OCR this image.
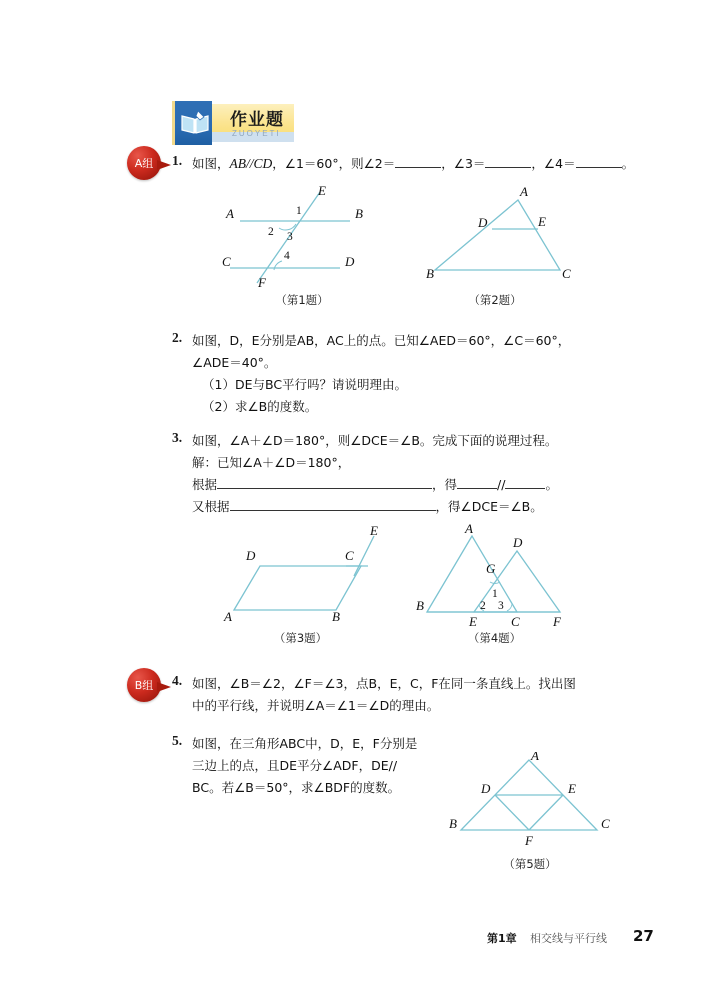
作业题
ZUOYETI
A组 1. 如图，AB//CD，∠1＝60°，则∠2＝	，∠3＝	，∠4＝	。
A	B
C	D
E
F
1
2 3
4
（第1题）
A
B	C
D	E
（第2题）
2. 如图，D，E分别是AB，AC上的点。已知∠AED＝60°，∠C＝60°，
∠ADE＝40°。
（1）DE与BC平行吗？请说明理由。
（2）求∠B的度数。
3. 如图，∠A＋∠D＝180°，则∠DCE＝∠B。完成下面的说理过程。
解：已知∠A＋∠D＝180°，
根据	，得	//	。
又根据	，得∠DCE＝∠B。
A	B
C
D
E
（第3题）
A
B
C
D
E	F
G
1
2 3
（第4题）
B组 4. 如图，∠B＝∠2，∠F＝∠3，点B，E，C，F在同一条直线上。找出图
中的平行线，并说明∠A＝∠1＝∠D的理由。
5. 如图，在三角形ABC中，D，E，F分别是
三边上的点，且DE平分∠ADF，DE//
BC。若∠B＝50°，求∠BDF的度数。
A
B	C
D	E
F
（第5题）
第1章 相交线与平行线 27
